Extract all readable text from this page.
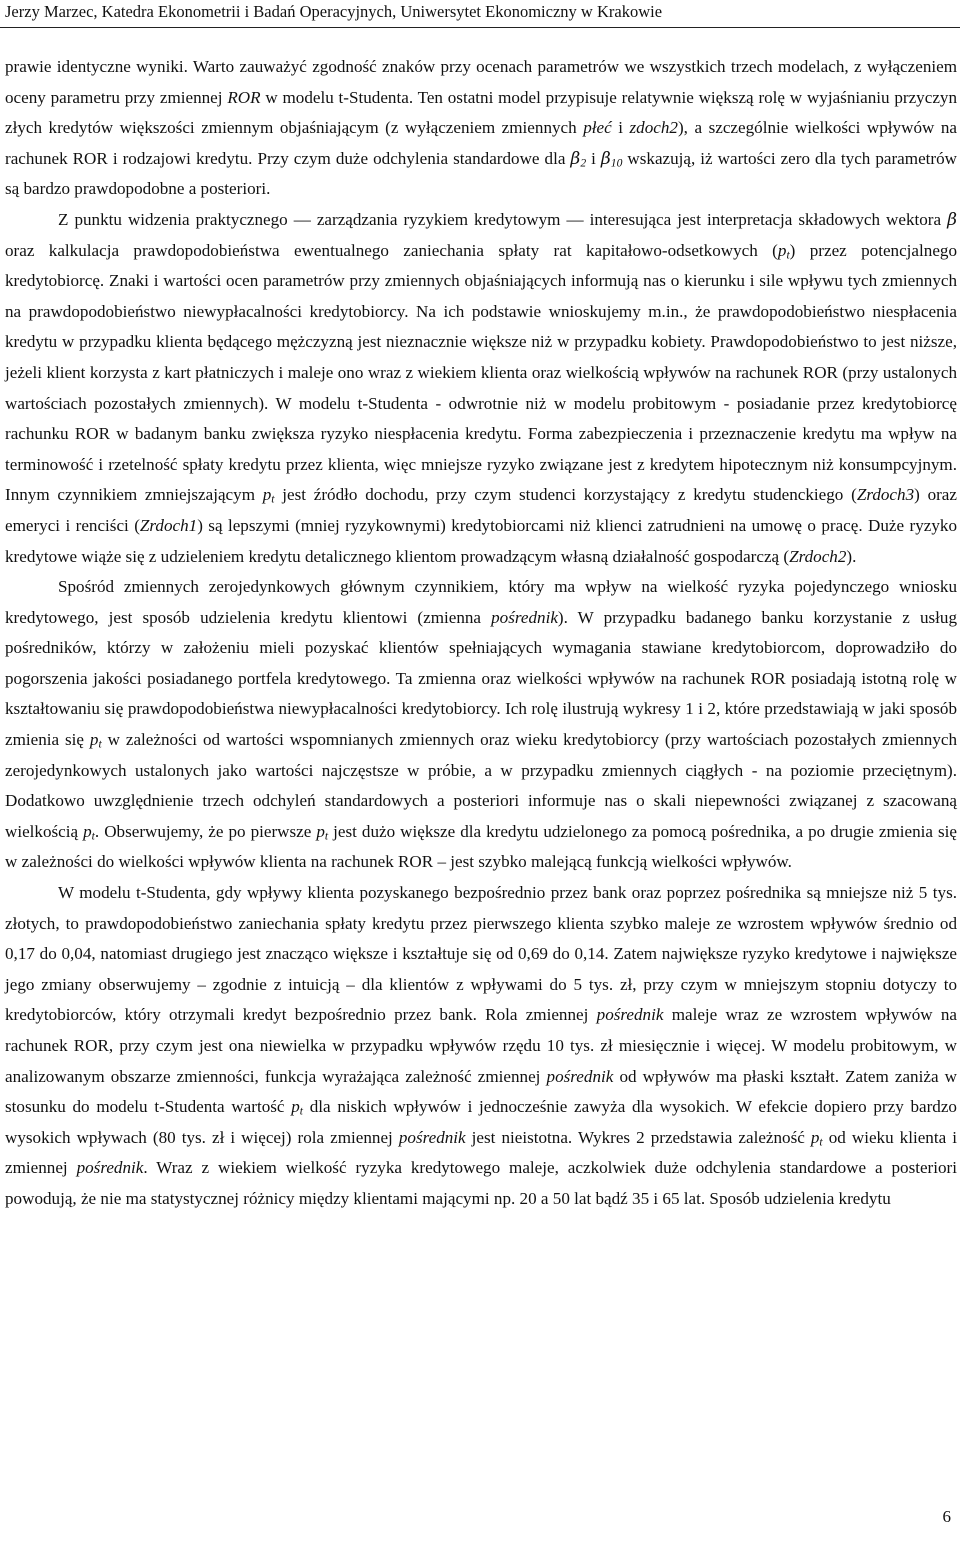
Jerzy Marzec, Katedra Ekonometrii i Badań Operacyjnych, Uniwersytet Ekonomiczny w Krakowie

prawie identyczne wyniki. Warto zauważyć zgodność znaków przy ocenach parametrów we wszystkich trzech modelach, z wyłączeniem oceny parametru przy zmiennej ROR w modelu t-Studenta. Ten ostatni model przypisuje relatywnie większą rolę w wyjaśnianiu przyczyn złych kredytów większości zmiennym objaśniającym (z wyłączeniem zmiennych płeć i zdoch2), a szczególnie wielkości wpływów na rachunek ROR i rodzajowi kredytu. Przy czym duże odchylenia standardowe dla $\beta_2$ i $\beta_{10}$ wskazują, iż wartości zero dla tych parametrów są bardzo prawdopodobne a posteriori.

Z punktu widzenia praktycznego — zarządzania ryzykiem kredytowym — interesująca jest interpretacja składowych wektora β oraz kalkulacja prawdopodobieństwa ewentualnego zaniechania spłaty rat kapitałowo-odsetkowych $(p_t)$ przez potencjalnego kredytobiorcę. Znaki i wartości ocen parametrów przy zmiennych objaśniających informują nas o kierunku i sile wpływu tych zmiennych na prawdopodobieństwo niewypłacalności kredytobiorcy. Na ich podstawie wnioskujemy m.in., że prawdopodobieństwo niespłacenia kredytu w przypadku klienta będącego mężczyzną jest nieznacznie większe niż w przypadku kobiety. Prawdopodobieństwo to jest niższe, jeżeli klient korzysta z kart płatniczych i maleje ono wraz z wiekiem klienta oraz wielkością wpływów na rachunek ROR (przy ustalonych wartościach pozostałych zmiennych). W modelu t-Studenta - odwrotnie niż w modelu probitowym - posiadanie przez kredytobiorcę rachunku ROR w badanym banku zwiększa ryzyko niespłacenia kredytu. Forma zabezpieczenia i przeznaczenie kredytu ma wpływ na terminowość i rzetelność spłaty kredytu przez klienta, więc mniejsze ryzyko związane jest z kredytem hipotecznym niż konsumpcyjnym. Innym czynnikiem zmniejszającym $p_t$ jest źródło dochodu, przy czym studenci korzystający z kredytu studenckiego (Zrdoch3) oraz emeryci i renciści (Zrdoch1) są lepszymi (mniej ryzykownymi) kredytobiorcami niż klienci zatrudnieni na umowę o pracę. Duże ryzyko kredytowe wiąże się z udzieleniem kredytu detalicznego klientom prowadzącym własną działalność gospodarczą (Zrdoch2).

Spośród zmiennych zerojedynkowych głównym czynnikiem, który ma wpływ na wielkość ryzyka pojedynczego wniosku kredytowego, jest sposób udzielenia kredytu klientowi (zmienna pośrednik). W przypadku badanego banku korzystanie z usług pośredników, którzy w założeniu mieli pozyskać klientów spełniających wymagania stawiane kredytobiorcom, doprowadziło do pogorszenia jakości posiadanego portfela kredytowego. Ta zmienna oraz wielkości wpływów na rachunek ROR posiadają istotną rolę w kształtowaniu się prawdopodobieństwa niewypłacalności kredytobiorcy. Ich rolę ilustrują wykresy 1 i 2, które przedstawiają w jaki sposób zmienia się $p_t$ w zależności od wartości wspomnianych zmiennych oraz wieku kredytobiorcy (przy wartościach pozostałych zmiennych zerojedynkowych ustalonych jako wartości najczęstsze w próbie, a w przypadku zmiennych ciągłych - na poziomie przeciętnym). Dodatkowo uwzględnienie trzech odchyleń standardowych a posteriori informuje nas o skali niepewności związanej z szacowaną wielkością $p_t$. Obserwujemy, że po pierwsze $p_t$ jest dużo większe dla kredytu udzielonego za pomocą pośrednika, a po drugie zmienia się w zależności do wielkości wpływów klienta na rachunek ROR – jest szybko malejącą funkcją wielkości wpływów.

W modelu t-Studenta, gdy wpływy klienta pozyskanego bezpośrednio przez bank oraz poprzez pośrednika są mniejsze niż 5 tys. złotych, to prawdopodobieństwo zaniechania spłaty kredytu przez pierwszego klienta szybko maleje ze wzrostem wpływów średnio od 0,17 do 0,04, natomiast drugiego jest znacząco większe i kształtuje się od 0,69 do 0,14. Zatem największe ryzyko kredytowe i największe jego zmiany obserwujemy – zgodnie z intuicją – dla klientów z wpływami do 5 tys. zł, przy czym w mniejszym stopniu dotyczy to kredytobiorców, który otrzymali kredyt bezpośrednio przez bank. Rola zmiennej pośrednik maleje wraz ze wzrostem wpływów na rachunek ROR, przy czym jest ona niewielka w przypadku wpływów rzędu 10 tys. zł miesięcznie i więcej. W modelu probitowym, w analizowanym obszarze zmienności, funkcja wyrażająca zależność zmiennej pośrednik od wpływów ma płaski kształt. Zatem zaniża w stosunku do modelu t-Studenta wartość $p_t$ dla niskich wpływów i jednocześnie zawyża dla wysokich. W efekcie dopiero przy bardzo wysokich wpływach (80 tys. zł i więcej) rola zmiennej pośrednik jest nieistotna. Wykres 2 przedstawia zależność $p_t$ od wieku klienta i zmiennej pośrednik. Wraz z wiekiem wielkość ryzyka kredytowego maleje, aczkolwiek duże odchylenia standardowe a posteriori powodują, że nie ma statystycznej różnicy między klientami mającymi np. 20 a 50 lat bądź 35 i 65 lat. Sposób udzielenia kredytu

6
